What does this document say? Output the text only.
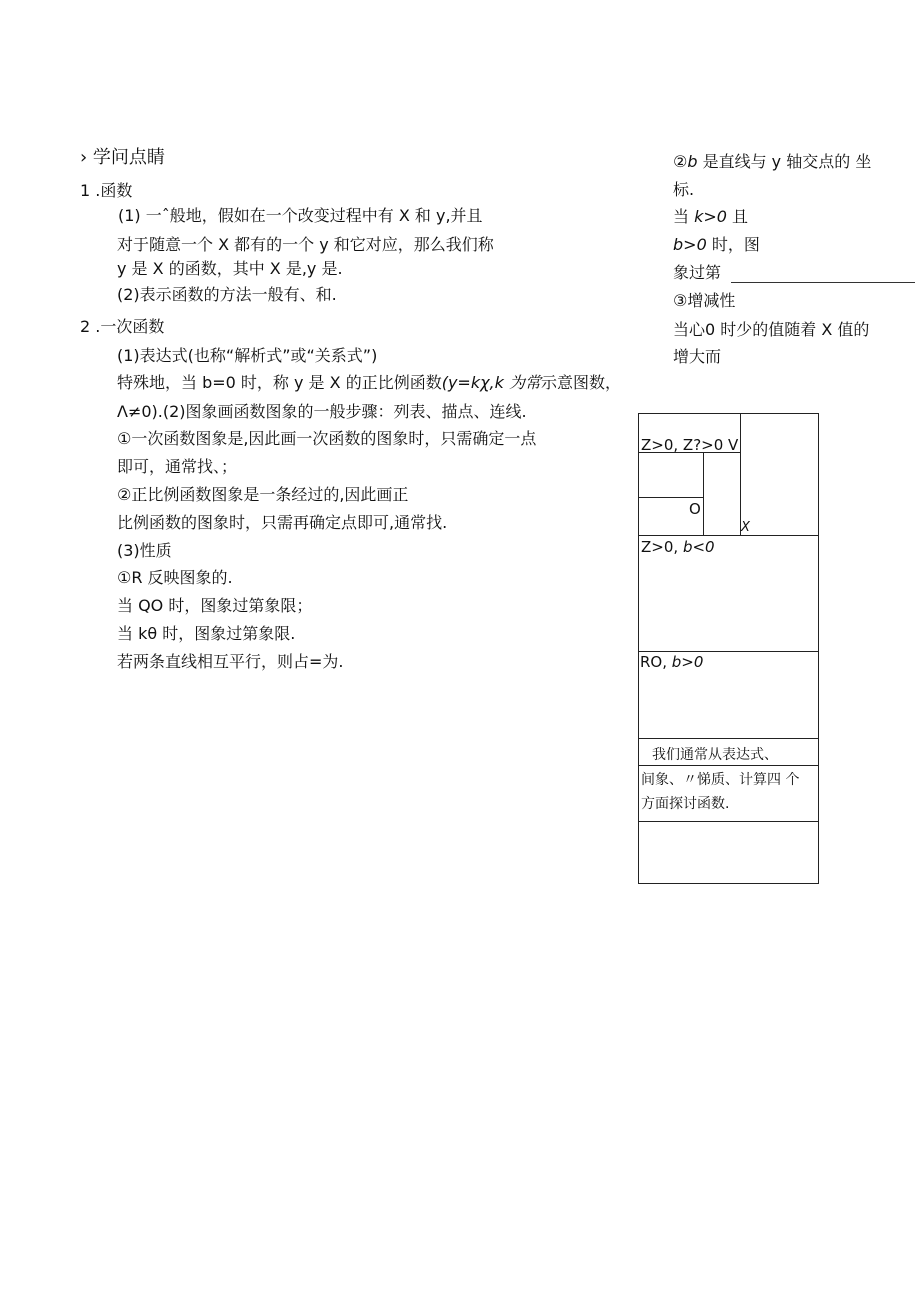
› 学问点睛
1 .函数
(1) 一ˆ般地，假如在一个改变过程中有 X 和 y,并且
对于随意一个 X 都有的一个 y 和它对应，那么我们称
y 是 X 的函数，其中 X 是,y 是.
(2)表示函数的方法一般有、和.
2 .一次函数
(1)表达式(也称“解析式”或“关系式”)
特殊地，当 b=0 时，称 y 是 X 的正比例函数(y=kχ,k 为常示意图数，
Λ≠0).(2)图象画函数图象的一般步骤：列表、描点、连线.
①一次函数图象是,因此画一次函数的图象时，只需确定一点
即可，通常找、；
②正比例函数图象是一条经过的,因此画正
比例函数的图象时，只需再确定点即可,通常找.
(3)性质
①R 反映图象的.
当 QO 时，图象过第象限；
当 kθ 时，图象过第象限.
若两条直线相互平行，则占=为.
②b 是直线与 y 轴交点的 坐
标.
当 k>0 且
b>0 时，图
象过第
③增减性
当心0 时少的值随着 X 值的
增大而
Z>0, Z?>0 V
O
X
Z>0, b<0
RO, b>0
我们通常从表达式、
间象、〃悌质、计算四 个
方面探讨函数.
